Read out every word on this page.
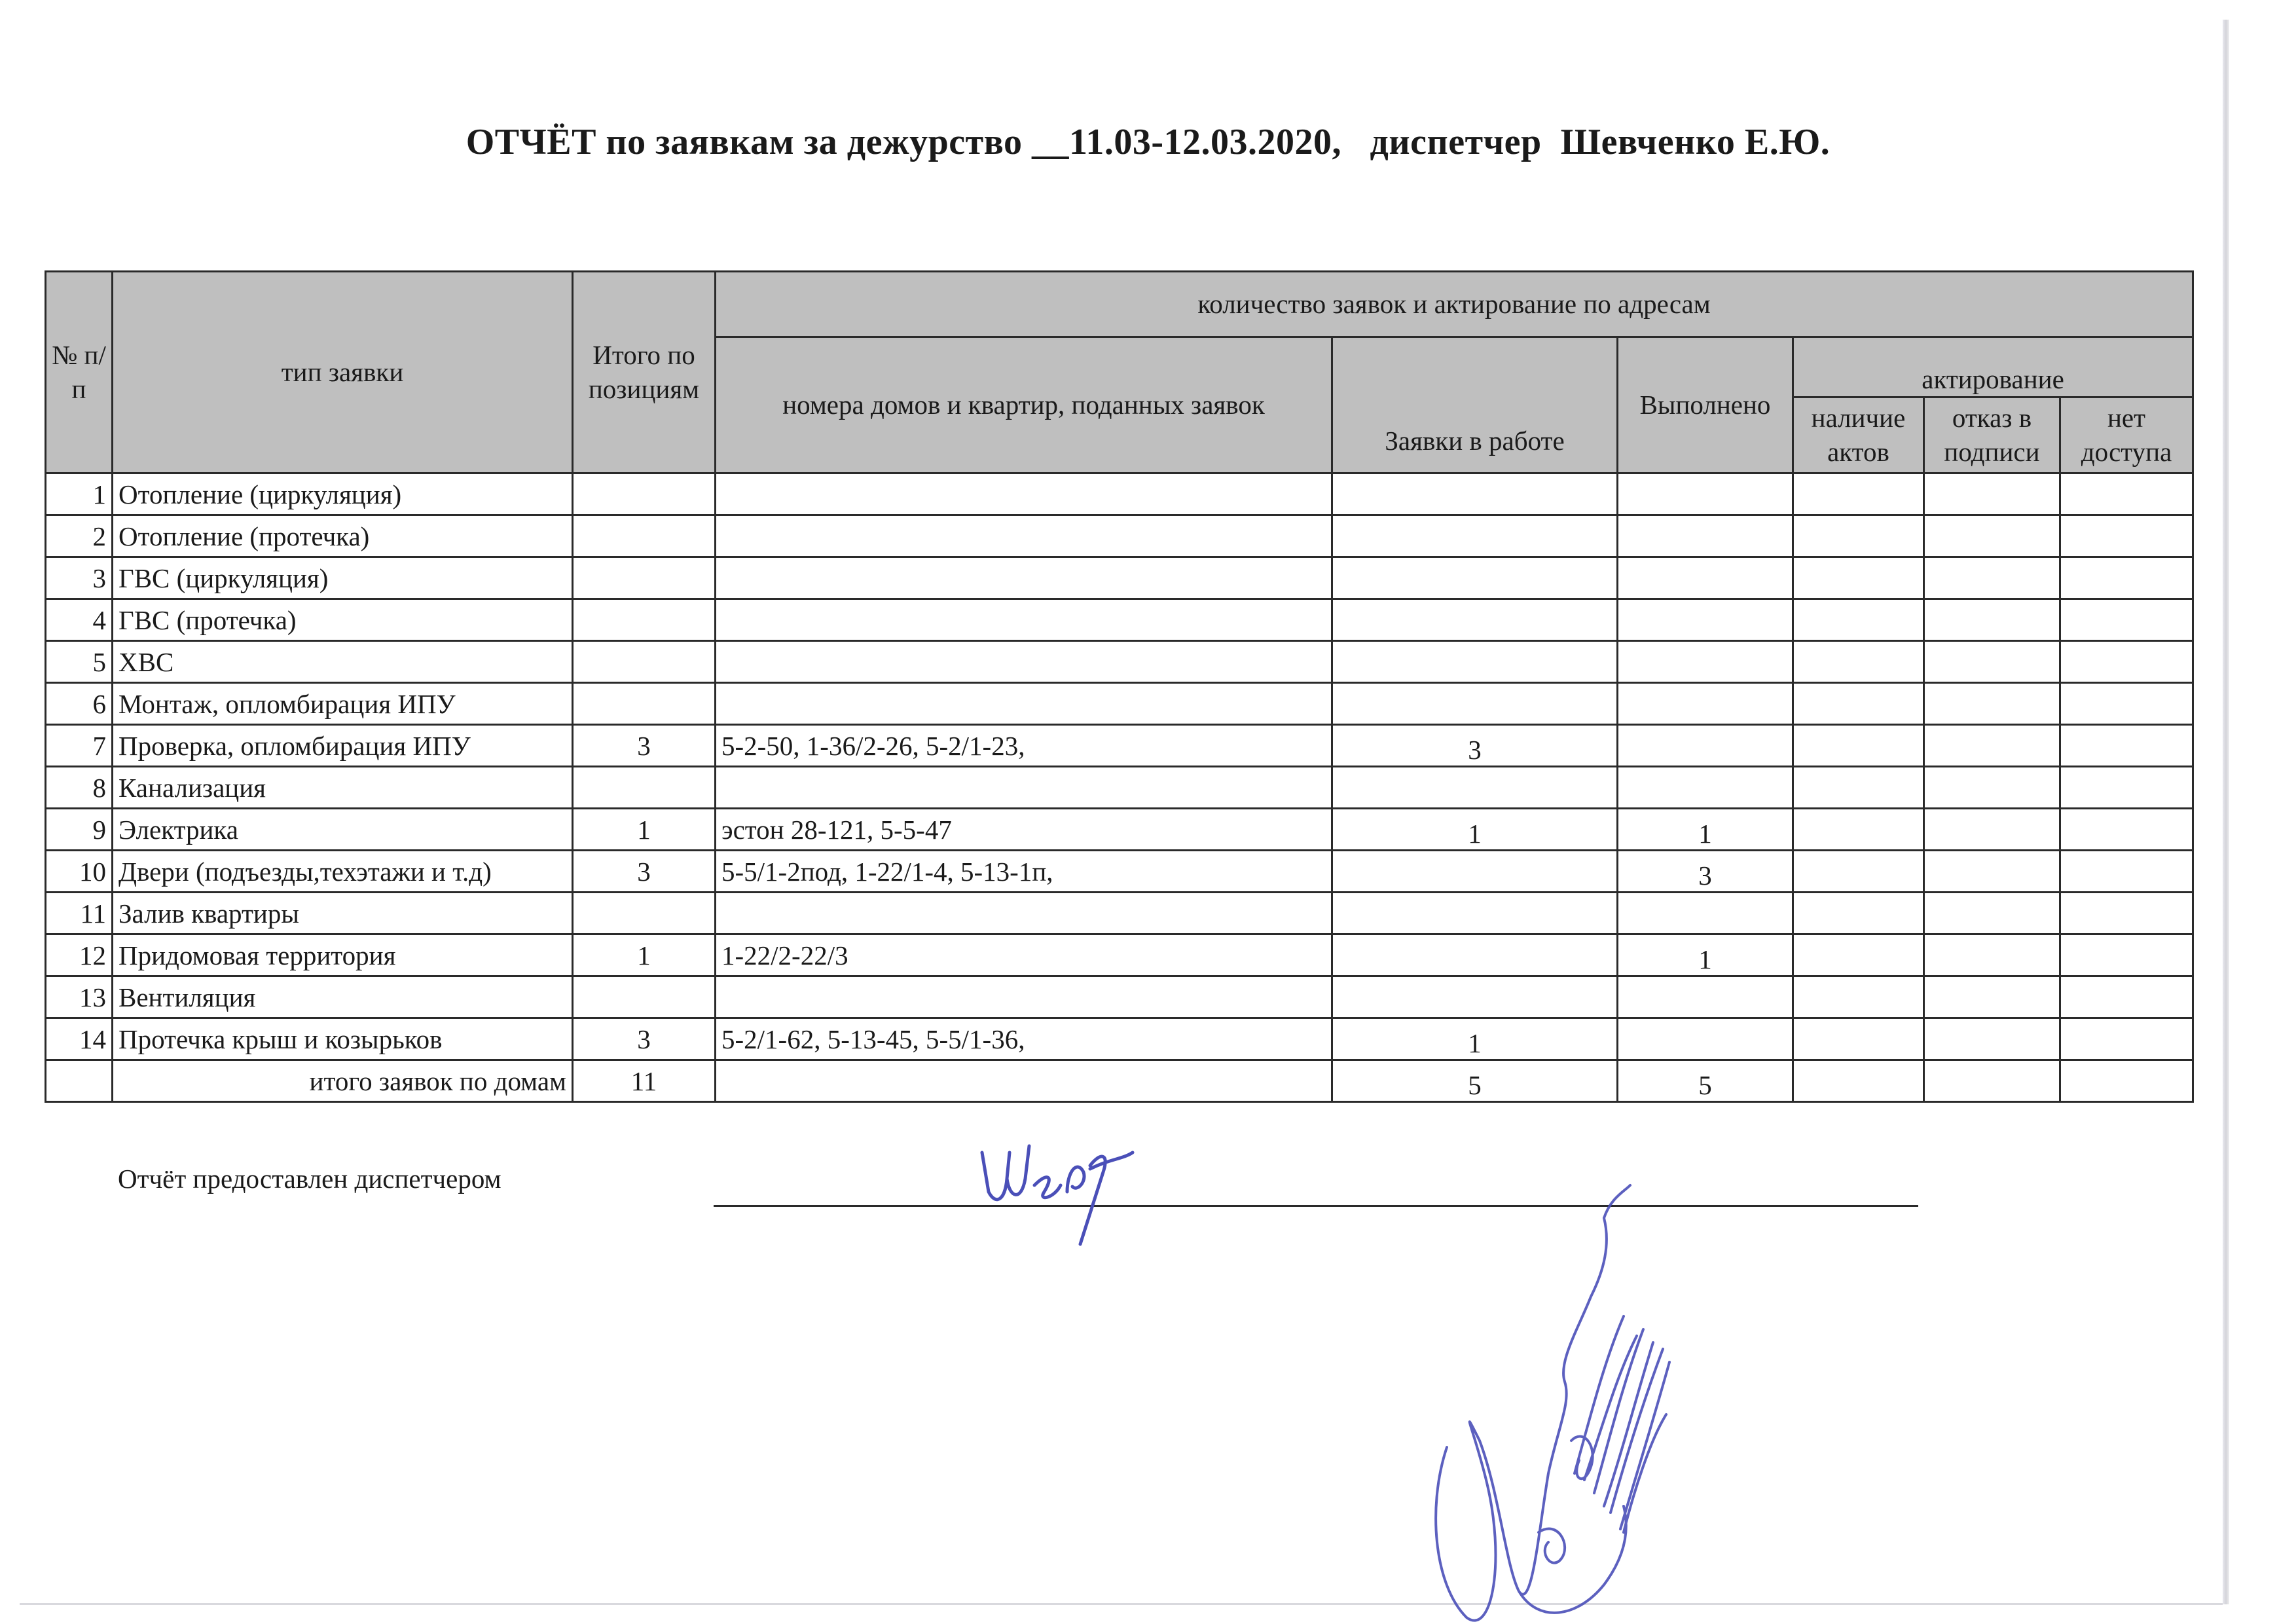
ОТЧЁТ по заявкам за дежурство __11.03-12.03.2020, диспетчер  Шевченко Е.Ю.
№ п/п	тип заявки	Итого по позициям	количество заявок и актирование по адресам					
			номера домов и квартир, поданных заявок	Заявки в работе	Выполнено	актирование		
						наличие актов	отказ в подписи	нет доступа
1	Отопление (циркуляция)							
2	Отопление (протечка)							
3	ГВС (циркуляция)							
4	ГВС (протечка)							
5	ХВС							
6	Монтаж, опломбирация ИПУ							
7	Проверка, опломбирация ИПУ	3	5-2-50, 1-36/2-26, 5-2/1-23,	3				
8	Канализация							
9	Электрика	1	эстон 28-121, 5-5-47	1	1			
10	Двери (подъезды,техэтажи и т.д)	3	5-5/1-2под, 1-22/1-4, 5-13-1п,		3			
11	Залив квартиры							
12	Придомовая территория	1	1-22/2-22/3		1			
13	Вентиляция							
14	Протечка крыш и козырьков	3	5-2/1-62, 5-13-45, 5-5/1-36,	1				
	итого заявок по домам	11		5	5			
Отчёт предоставлен диспетчером
